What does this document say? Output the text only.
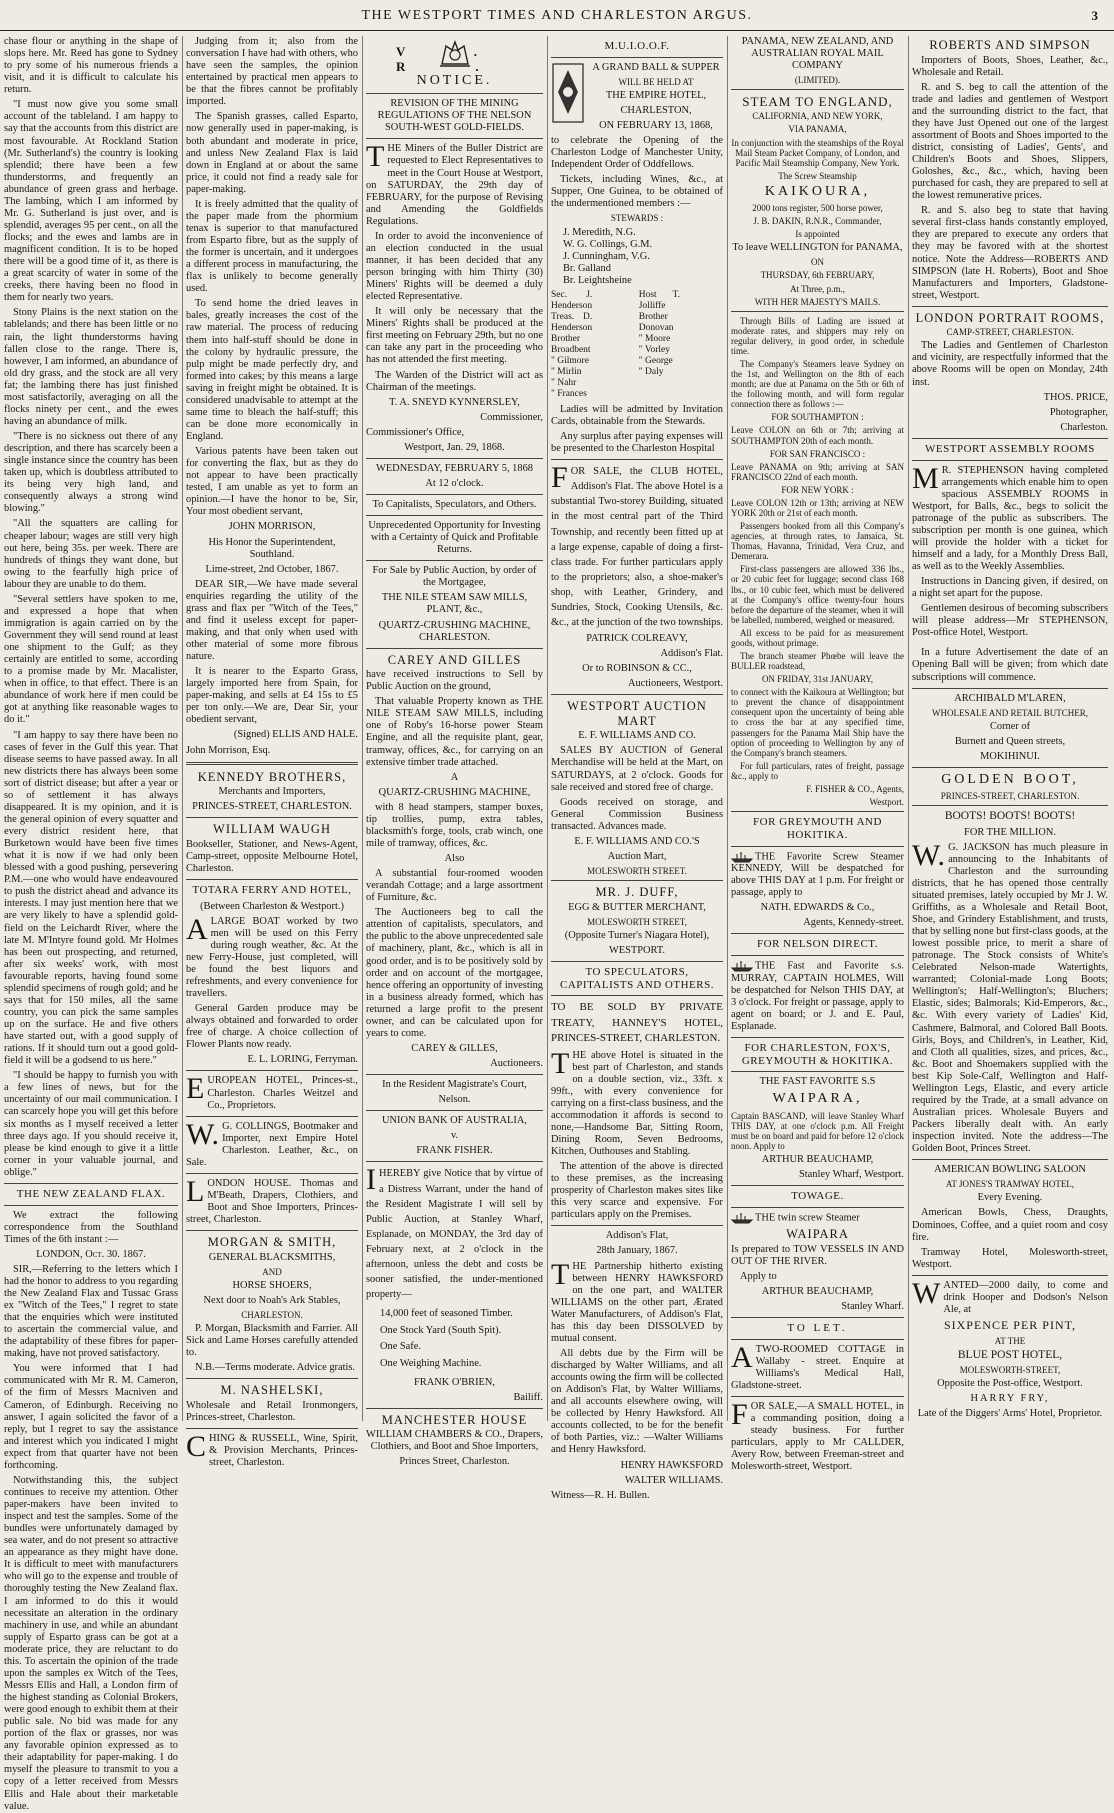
THE WESTPORT TIMES AND CHARLESTON ARGUS.	3

chase flour or anything in the shape of slops here. Mr. Reed has gone to Sydney to pry some of his numerous friends a visit, and it is difficult to calculate his return.

"I must now give you some small account of the tableland. I am happy to say that the accounts from this district are most favourable. At Rockland Station (Mr. Sutherland's) the country is looking splendid; there have been a few thunderstorms, and frequently an abundance of green grass and herbage. The lambing, which I am informed by Mr. G. Sutherland is just over, and is splendid, averages 95 per cent., on all the flocks; and the ewes and lambs are in magnificent condition. It is to be hoped there will be a good time of it, as there is a great scarcity of water in some of the creeks, there having been no flood in them for nearly two years.

Stony Plains is the next station on the tablelands; and there has been little or no rain, the light thunderstorms having fallen close to the range. There is, however, I am informed, an abundance of old dry grass, and the stock are all very fat; the lambing there has just finished most satisfactorily, averaging on all the flocks ninety per cent., and the ewes having an abundance of milk.

"There is no sickness out there of any description, and there has scarcely been a single instance since the country has been taken up, which is doubtless attributed to its being very high land, and consequently always a strong wind blowing."

"All the squatters are calling for cheaper labour; wages are still very high out here, being 35s. per week. There are hundreds of things they want done, but owing to the fearfully high price of labour they are unable to do them.

"Several settlers have spoken to me, and expressed a hope that when immigration is again carried on by the Government they will send round at least one shipment to the Gulf; as they certainly are entitled to some, according to a promise made by Mr. Macalister, when in office, to that effect. There is an abundance of work here if men could be got at anything like reasonable wages to do it."

"I am happy to say there have been no cases of fever in the Gulf this year. That disease seems to have passed away. In all new districts there has always been some sort of district disease; but after a year or so of settlement it has always disappeared. It is my opinion, and it is the general opinion of every squatter and every district resident here, that Burketown would have been five times what it is now if we had only been blessed with a good pushing, persevering P.M.—one who would have endeavoured to push the district ahead and advance its interests. I may just mention here that we are very likely to have a splendid gold-field on the Leichardt River, where the late M. M'Intyre found gold. Mr Holmes has been out prospecting, and returned, after six weeks' work, with most favourable reports, having found some splendid specimens of rough gold; and he says that for 150 miles, all the same country, you can pick the same samples up on the surface. He and five others have started out, with a good supply of rations. If it should turn out a good gold-field it will be a godsend to us here."

"I should be happy to furnish you with a few lines of news, but for the uncertainty of our mail communication. I can scarcely hope you will get this before six months as I myself received a letter three days ago. If you should receive it, please be kind enough to give it a little corner in your valuable journal, and oblige."

THE NEW ZEALAND FLAX.

We extract the following correspondence from the Southland Times of the 6th instant :—

LONDON, Oct. 30. 1867.

SIR,—Referring to the letters which I had the honor to address to you regarding the New Zealand Flax and Tussac Grass ex "Witch of the Tees," I regret to state that the enquiries which were instituted to ascertain the commercial value, and the adaptability of these fibres for paper-making, have not proved satisfactory.

You were informed that I had communicated with Mr R. M. Cameron, of the firm of Messrs Macniven and Cameron, of Edinburgh. Receiving no answer, I again solicited the favor of a reply, but I regret to say the assistance and interest which you indicated I might expect from that quarter have not been forthcoming.

Notwithstanding this, the subject continues to receive my attention. Other paper-makers have been invited to inspect and test the samples. Some of the bundles were unfortunately damaged by sea water, and do not present so attractive an appearance as they might have done. It is difficult to meet with manufacturers who will go to the expense and trouble of thoroughly testing the New Zealand flax. I am informed to do this it would necessitate an alteration in the ordinary machinery in use, and while an abundant supply of Esparto grass can be got at a moderate price, they are reluctant to do this. To ascertain the opinion of the trade upon the samples ex Witch of the Tees, Messrs Ellis and Hall, a London firm of the highest standing as Colonial Brokers, were good enough to exhibit them at their public sale. No bid was made for any portion of the flax or grasses, nor was any favorable opinion expressed as to their adaptability for paper-making. I do myself the pleasure to transmit to you a copy of a letter received from Messrs Ellis and Hale about their marketable value.

Judging from it; also from the conversation I have had with others, who have seen the samples, the opinion entertained by practical men appears to be that the fibres cannot be profitably imported.

The Spanish grasses, called Esparto, now generally used in paper-making, is both abundant and moderate in price, and unless New Zealand Flax is laid down in England at or about the same price, it could not find a ready sale for paper-making.

It is freely admitted that the quality of the paper made from the phormium tenax is superior to that manufactured from Esparto fibre, but as the supply of the former is uncertain, and it undergoes a different process in manufacturing, the flax is unlikely to become generally used.

To send home the dried leaves in bales, greatly increases the cost of the raw material. The process of reducing them into half-stuff should be done in the colony by hydraulic pressure, the pulp might be made perfectly dry, and formed into cakes; by this means a large saving in freight might be obtained. It is considered unadvisable to attempt at the same time to bleach the half-stuff; this can be done more economically in England.

Various patents have been taken out for converting the flax, but as they do not appear to have been practically tested, I am unable as yet to form an opinion.—I have the honor to be, Sir, Your most obedient servant,

JOHN MORRISON,

His Honor the Superintendent, Southland.

Lime-street, 2nd October, 1867.

DEAR SIR,—We have made several enquiries regarding the utility of the grass and flax per "Witch of the Tees," and find it useless except for paper-making, and that only when used with other material of some more fibrous nature.

It is nearer to the Esparto Grass, largely imported here from Spain, for paper-making, and sells at £4 15s to £5 per ton only.—We are, Dear Sir, your obedient servant,

(Signed) ELLIS AND HALE.

John Morrison, Esq.

KENNEDY BROTHERS,

Merchants and Importers,

PRINCES-STREET, CHARLESTON.

WILLIAM WAUGH

Bookseller, Stationer, and News-Agent, Camp-street, opposite Melbourne Hotel, Charleston.

TOTARA FERRY AND HOTEL,

(Between Charleston & Westport.)

ALARGE BOAT worked by two men will be used on this Ferry during rough weather, &c. At the new Ferry-House, just completed, will be found the best liquors and refreshments, and every convenience for travellers.

General Garden produce may be always obtained and forwarded to order free of charge. A choice collection of Flower Plants now ready.

E. L. LORING, Ferryman.

EUROPEAN HOTEL, Princes-st., Charleston. Charles Weitzel and Co., Proprietors.

W.G. COLLINGS, Bootmaker and Importer, next Empire Hotel Charleston. Leather, &c., on Sale.

LONDON HOUSE. Thomas and M'Beath, Drapers, Clothiers, and Boot and Shoe Importers, Princes-street, Charleston.

MORGAN & SMITH,

GENERAL BLACKSMITHS,

AND

HORSE SHOERS,

Next door to Noah's Ark Stables,

CHARLESTON.

P. Morgan, Blacksmith and Farrier. All Sick and Lame Horses carefully attended to.

N.B.—Terms moderate. Advice gratis.

M. NASHELSKI,

Wholesale and Retail Ironmongers, Princes-street, Charleston.

CHING & RUSSELL, Wine, Spirit, & Provision Merchants, Princes-street, Charleston.

V. R.
NOTICE.

REVISION OF THE MINING REGULATIONS OF THE NELSON SOUTH-WEST GOLD-FIELDS.

THE Miners of the Buller District are requested to Elect Representatives to meet in the Court House at Westport, on SATURDAY, the 29th day of FEBRUARY, for the purpose of Revising and Amending the Goldfields Regulations.

In order to avoid the inconvenience of an election conducted in the usual manner, it has been decided that any person bringing with him Thirty (30) Miners' Rights will be deemed a duly elected Representative.

It will only be necessary that the Miners' Rights shall be produced at the first meeting on February 29th, but no one can take any part in the proceeding who has not attended the first meeting.

The Warden of the District will act as Chairman of the meetings.

T. A. SNEYD KYNNERSLEY,

Commissioner,

Commissioner's Office,

Westport, Jan. 29, 1868.

WEDNESDAY, FEBRUARY 5, 1868

At 12 o'clock.

To Capitalists, Speculators, and Others.

Unprecedented Opportunity for Investing with a Certainty of Quick and Profitable Returns.

For Sale by Public Auction, by order of the Mortgagee,

THE NILE STEAM SAW MILLS, PLANT, &c.,

QUARTZ-CRUSHING MACHINE, CHARLESTON.

CAREY AND GILLES

have received instructions to Sell by Public Auction on the ground,

That valuable Property known as THE NILE STEAM SAW MILLS, including one of Roby's 16-horse power Steam Engine, and all the requisite plant, gear, tramway, offices, &c., for carrying on an extensive timber trade attached.

A

QUARTZ-CRUSHING MACHINE,

with 8 head stampers, stamper boxes, tip trollies, pump, extra tables, blacksmith's forge, tools, crab winch, one mile of tramway, offices, &c.

Also

A substantial four-roomed wooden verandah Cottage; and a large assortment of Furniture, &c.

The Auctioneers beg to call the attention of capitalists, speculators, and the public to the above unprecedented sale of machinery, plant, &c., which is all in good order, and is to be positively sold by order and on account of the mortgagee, hence offering an opportunity of investing in a business already formed, which has returned a large profit to the present owner, and can be calculated upon for years to come.

CAREY & GILLES,

Auctioneers.

In the Resident Magistrate's Court,

Nelson.

UNION BANK OF AUSTRALIA,

v.

FRANK FISHER.

IHEREBY give Notice that by virtue of a Distress Warrant, under the hand of the Resident Magistrate I will sell by Public Auction, at Stanley Wharf, Esplanade, on MONDAY, the 3rd day of February next, at 2 o'clock in the afternoon, unless the debt and costs be sooner satisfied, the under-mentioned property—

14,000 feet of seasoned Timber.
One Stock Yard (South Spit).
One Safe.
One Weighing Machine.

FRANK O'BRIEN,

Bailiff.

MANCHESTER HOUSE

WILLIAM CHAMBERS & CO., Drapers, Clothiers, and Boot and Shoe Importers,

Princes Street, Charleston.

M.U.I.O.O.F.

A GRAND BALL & SUPPER

WILL BE HELD AT

THE EMPIRE HOTEL,

CHARLESTON,

ON FEBRUARY 13, 1868,

to celebrate the Opening of the Charleston Lodge of Manchester Unity, Independent Order of Oddfellows.

Tickets, including Wines, &c., at Supper, One Guinea, to be obtained of the undermentioned members :—

STEWARDS :

J. Meredith, N.G.
W. G. Collings, G.M.
J. Cunningham, V.G.
Br. Galland
Br. Leightsheine
Sec. J. Henderson
Treas. D. Henderson
Brother Broadbent
" Gilmore
" Mirlin
" Nahr
" Frances
Host T. Jolliffe
Brother Donovan
" Moore
" Vorley
" George
" Daly

Ladies will be admitted by Invitation Cards, obtainable from the Stewards.

Any surplus after paying expenses will be presented to the Charleston Hospital

FOR SALE, the CLUB HOTEL, Addison's Flat. The above Hotel is a substantial Two-storey Building, situated in the most central part of the Third Township, and recently been fitted up at a large expense, capable of doing a first-class trade. For further particulars apply to the proprietors; also, a shoe-maker's shop, with Leather, Grindery, and Sundries, Stock, Cooking Utensils, &c. &c., at the junction of the two townships.

PATRICK COLREAVY,

Addison's Flat.

Or to ROBINSON & CC.,

Auctioneers, Westport.

WESTPORT AUCTION MART

E. F. WILLIAMS AND CO.

SALES BY AUCTION of General Merchandise will be held at the Mart, on SATURDAYS, at 2 o'clock. Goods for sale received and stored free of charge.

Goods received on storage, and General Commission Business transacted. Advances made.

E. F. WILLIAMS AND CO.'S

Auction Mart,

MOLESWORTH STREET.

MR. J. DUFF,

EGG & BUTTER MERCHANT,

MOLESWORTH STREET,

(Opposite Turner's Niagara Hotel),

WESTPORT.

TO SPECULATORS, CAPITALISTS AND OTHERS.

TO BE SOLD BY PRIVATE TREATY, HANNEY'S HOTEL, PRINCES-STREET, CHARLESTON.

THE above Hotel is situated in the best part of Charleston, and stands on a double section, viz., 33ft. x 99ft., with every convenience for carrying on a first-class business, and the accommodation it affords is second to none,—Handsome Bar, Sitting Room, Dining Room, Seven Bedrooms, Kitchen, Outhouses and Stabling.

The attention of the above is directed to these premises, as the increasing prosperity of Charleston makes sites like this very scarce and expensive. For particulars apply on the Premises.

Addison's Flat,

28th January, 1867.

THE Partnership hitherto existing between HENRY HAWKSFORD on the one part, and WALTER WILLIAMS on the other part, Ærated Water Manufacturers, of Addison's Flat, has this day been DISSOLVED by mutual consent.

All debts due by the Firm will be discharged by Walter Williams, and all accounts owing the firm will be collected on Addison's Flat, by Walter Williams, and all accounts elsewhere owing, will be collected by Henry Hawksford. All accounts collected, to be for the benefit of both Parties, viz.: —Walter Williams and Henry Hawksford.

HENRY HAWKSFORD

WALTER WILLIAMS.

Witness—R. H. Bullen.

PANAMA, NEW ZEALAND, AND AUSTRALIAN ROYAL MAIL COMPANY

(LIMITED).

STEAM TO ENGLAND,

CALIFORNIA, AND NEW YORK,

VIA PANAMA,

In conjunction with the steamships of the Royal Mail Steam Packet Company, of London, and Pacific Mail Steamship Company, New York.

The Screw Steamship

KAIKOURA,

2000 tons register, 500 horse power,

J. B. DAKIN, R.N.R., Commander,

Is appointed

To leave WELLINGTON for PANAMA,

ON

THURSDAY, 6th FEBRUARY,

At Three, p.m.,

WITH HER MAJESTY'S MAILS.

Through Bills of Lading are issued at moderate rates, and shippers may rely on regular delivery, in good order, in schedule time.

The Company's Steamers leave Sydney on the 1st, and Wellington on the 8th of each month; are due at Panama on the 5th or 6th of the following month, and will form regular connection there as follows :—

FOR SOUTHAMPTON :

Leave COLON on 6th or 7th; arriving at SOUTHAMPTON 20th of each month.

FOR SAN FRANCISCO :

Leave PANAMA on 9th; arriving at SAN FRANCISCO 22nd of each month.

FOR NEW YORK :

Leave COLON 12th or 13th; arriving at NEW YORK 20th or 21st of each month.

Passengers booked from all this Company's agencies, at through rates, to Jamaica, St. Thomas, Havanna, Trinidad, Vera Cruz, and Demerara.

First-class passengers are allowed 336 lbs., or 20 cubic feet for luggage; second class 168 lbs., or 10 cubic feet, which must be delivered at the Company's office twenty-four hours before the departure of the steamer, when it will be labelled, numbered, weighed or measured.

All excess to be paid for as measurement goods, without primage.

The branch steamer Phœbe will leave the BULLER roadstead,

ON FRIDAY, 31st JANUARY,

to connect with the Kaikoura at Wellington; but to prevent the chance of disappointment consequent upon the uncertainty of being able to cross the bar at any specified time, passengers for the Panama Mail Ship have the option of proceeding to Wellington by any of the Company's branch steamers.

For full particulars, rates of freight, passage &c., apply to

F. FISHER & CO., Agents,

Westport.

FOR GREYMOUTH AND HOKITIKA.

THE Favorite Screw Steamer KENNEDY, Will be despatched for above THIS DAY at 1 p.m. For freight or passage, apply to

NATH. EDWARDS & Co.,

Agents, Kennedy-street.

FOR NELSON DIRECT.

THE Fast and Favorite s.s. MURRAY, CAPTAIN HOLMES, Will be despatched for Nelson THIS DAY, at 3 o'clock. For freight or passage, apply to agent on board; or J. and E. Paul, Esplanade.

FOR CHARLESTON, FOX'S, GREYMOUTH & HOKITIKA.

THE FAST FAVORITE S.S

WAIPARA,

Captain BASCAND, will leave Stanley Wharf THIS DAY, at one o'clock p.m. All Freight must be on board and paid for before 12 o'clock noon. Apply to

ARTHUR BEAUCHAMP,

Stanley Wharf, Westport.

TOWAGE.

THE twin screw Steamer

WAIPARA

Is prepared to TOW VESSELS IN AND OUT OF THE RIVER.

Apply to

ARTHUR BEAUCHAMP,

Stanley Wharf.

TO LET.

ATWO-ROOMED COTTAGE in Wallaby - street. Enquire at Williams's Medical Hall, Gladstone-street.

FOR SALE,—A SMALL HOTEL, in a commanding position, doing a steady business. For further particulars, apply to Mr CALLDER, Avery Row, between Freeman-street and Molesworth-street, Westport.

ROBERTS AND SIMPSON

Importers of Boots, Shoes, Leather, &c., Wholesale and Retail.

R. and S. beg to call the attention of the trade and ladies and gentlemen of Westport and the surrounding district to the fact, that they have Just Opened out one of the largest assortment of Boots and Shoes imported to the district, consisting of Ladies', Gents', and Children's Boots and Shoes, Slippers, Goloshes, &c., &c., which, having been purchased for cash, they are prepared to sell at the lowest remunerative prices.

R. and S. also beg to state that having several first-class hands constantly employed, they are prepared to execute any orders that they may be favored with at the shortest notice. Note the Address—ROBERTS AND SIMPSON (late H. Roberts), Boot and Shoe Manufacturers and Importers, Gladstone-street, Westport.

LONDON PORTRAIT ROOMS,

CAMP-STREET, CHARLESTON.

The Ladies and Gentlemen of Charleston and vicinity, are respectfully informed that the above Rooms will be open on Monday, 24th inst.

THOS. PRICE,

Photographer,

Charleston.

WESTPORT ASSEMBLY ROOMS

MR. STEPHENSON having completed arrangements which enable him to open spacious ASSEMBLY ROOMS in Westport, for Balls, &c., begs to solicit the patronage of the public as subscribers. The subscription per month is one guinea, which will provide the holder with a ticket for himself and a lady, for a Monthly Dress Ball, as well as to the Weekly Assemblies.

Instructions in Dancing given, if desired, on a night set apart for the pupose.

Gentlemen desirous of becoming subscribers will please address—Mr STEPHENSON, Post-office Hotel, Westport.

In a future Advertisement the date of an Opening Ball will be given; from which date subscriptions will commence.

ARCHIBALD M'LAREN,

WHOLESALE AND RETAIL BUTCHER,

Corner of

Burnett and Queen streets,

MOKIHINUI.

GOLDEN BOOT,

PRINCES-STREET, CHARLESTON.

BOOTS! BOOTS! BOOTS!

FOR THE MILLION.

W.G. JACKSON has much pleasure in announcing to the Inhabitants of Charleston and the surrounding districts, that he has opened those centrally situated premises, lately occupied by Mr J. W. Griffiths, as a Wholesale and Retail Boot, Shoe, and Grindery Establishment, and trusts, that by selling none but first-class goods, at the lowest possible price, to merit a share of patronage. The Stock consists of White's Celebrated Nelson-made Watertights, warranted; Colonial-made Long Boots; Wellington's; Half-Wellington's; Bluchers; Elastic, sides; Balmorals; Kid-Emperors, &c., &c. With every variety of Ladies' Kid, Cashmere, Balmoral, and Colored Ball Boots. Girls, Boys, and Children's, in Leather, Kid, and Cloth all qualities, sizes, and prices, &c., &c. Boot and Shoemakers supplied with the best Kip Sole-Calf, Wellington and Half-Wellington Legs, Elastic, and every article required by the Trade, at a small advance on Australian prices. Wholesale Buyers and Packers liberally dealt with. An early inspection invited. Note the address—The Golden Boot, Princes Street.

AMERICAN BOWLING SALOON

AT JONES'S TRAMWAY HOTEL,

Every Evening.

American Bowls, Chess, Draughts, Dominoes, Coffee, and a quiet room and cosy fire.

Tramway Hotel, Molesworth-street, Westport.

WANTED—2000 daily, to come and drink Hooper and Dodson's Nelson Ale, at

SIXPENCE PER PINT,

AT THE

BLUE POST HOTEL,

MOLESWORTH-STREET,

Opposite the Post-office, Westport.

HARRY FRY,

Late of the Diggers' Arms' Hotel, Proprietor.
